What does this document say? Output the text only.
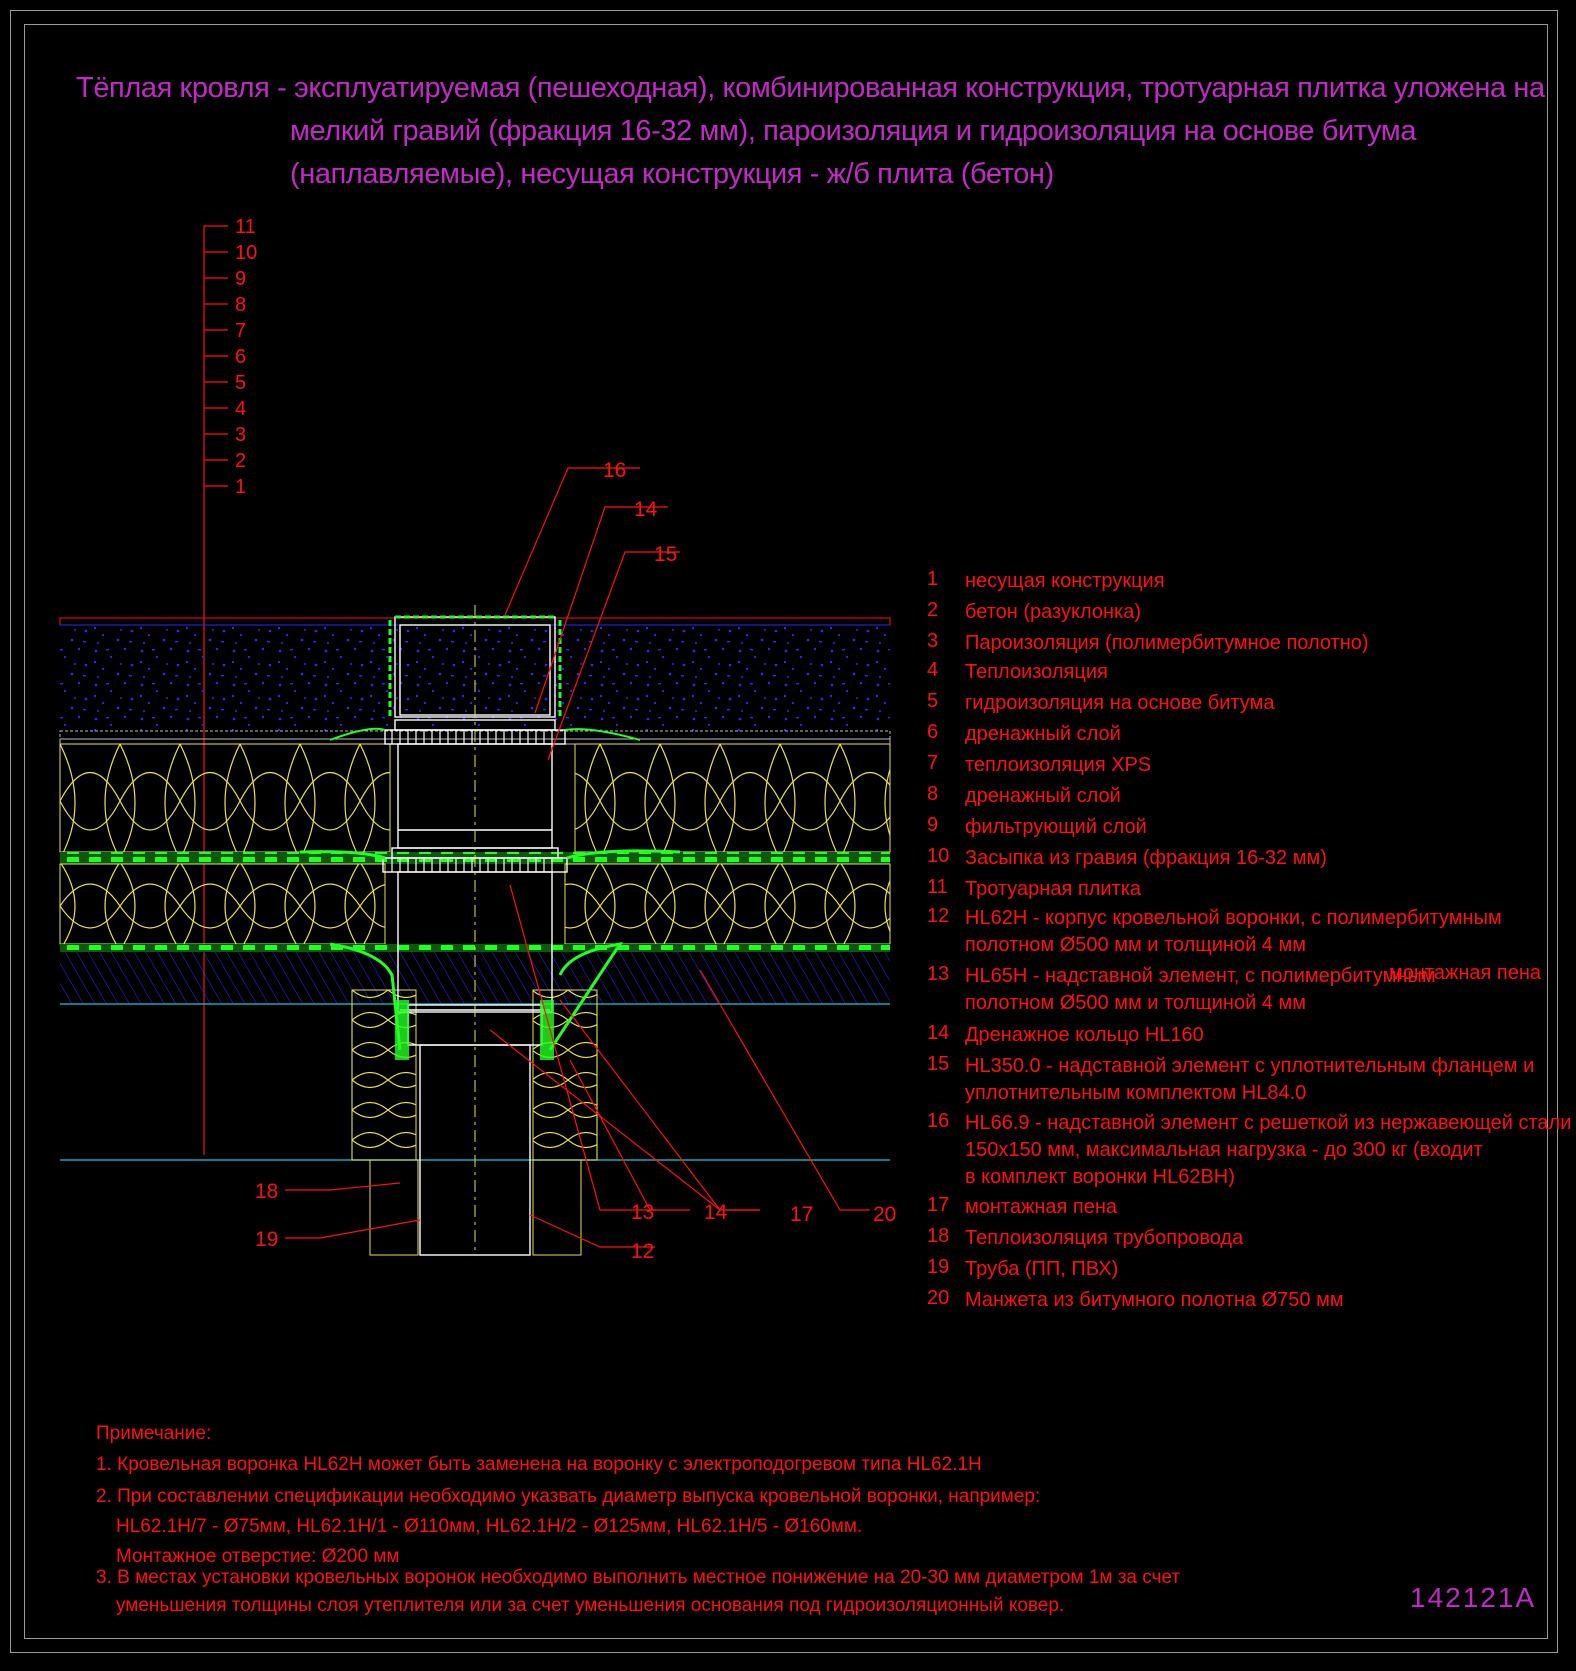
Тёплая кровля - эксплуатируемая (пешеходная), комбинированная конструкция, тротуарная плитка уложена на
мелкий гравий (фракция 16-32 мм), пароизоляция и гидроизоляция на основе битума
(наплавляемые), несущая конструкция - ж/б плита (бетон)
11
10
9
8
7
6
5
4
3
2
1
16
14
15
18
19
13 14	17	20
12
1	несущая конструкция
2	бетон (разуклонка)
3	Пароизоляция (полимербитумное полотно)
4	Теплоизоляция
5	гидроизоляция на основе битума
6	дренажный слой
7	теплоизоляция XPS
8	дренажный слой
9	фильтрующий слой
10 Засыпка из гравия (фракция 16-32 мм)
11 Тротуарная плитка
12 HL62H - корпус кровельной воронки, с полимербитумным
полотном Ø500 мм и толщиной 4 мм
13 HL65H - надставной элемент, с полимербитумным
полотном Ø500 мм и толщиной 4 мм
монтажная пена
14 Дренажное кольцо HL160
15 HL350.0 - надставной элемент с уплотнительным фланцем и
уплотнительным комплектом HL84.0
16 HL66.9 - надставной элемент с решеткой из нержавеющей стали
150x150 мм, максимальная нагрузка - до 300 кг (входит
в комплект воронки HL62BH)
17 монтажная пена
18 Теплоизоляция трубопровода
19 Труба (ПП, ПВХ)
20 Манжета из битумного полотна Ø750 мм
Примечание:
1. Кровельная воронка HL62H может быть заменена на воронку с электроподогревом типа HL62.1H
2. При составлении спецификации необходимо указвать диаметр выпуска кровельной воронки, например:
HL62.1H/7 - Ø75мм, HL62.1H/1 - Ø110мм, HL62.1H/2 - Ø125мм, HL62.1H/5 - Ø160мм.
Монтажное отверстие: Ø200 мм
3. В местах установки кровельных воронок необходимо выполнить местное понижение на 20-30 мм диаметром 1м за счет
уменьшения толщины слоя утеплителя или за счет уменьшения основания под гидроизоляционный ковер.	142121A
